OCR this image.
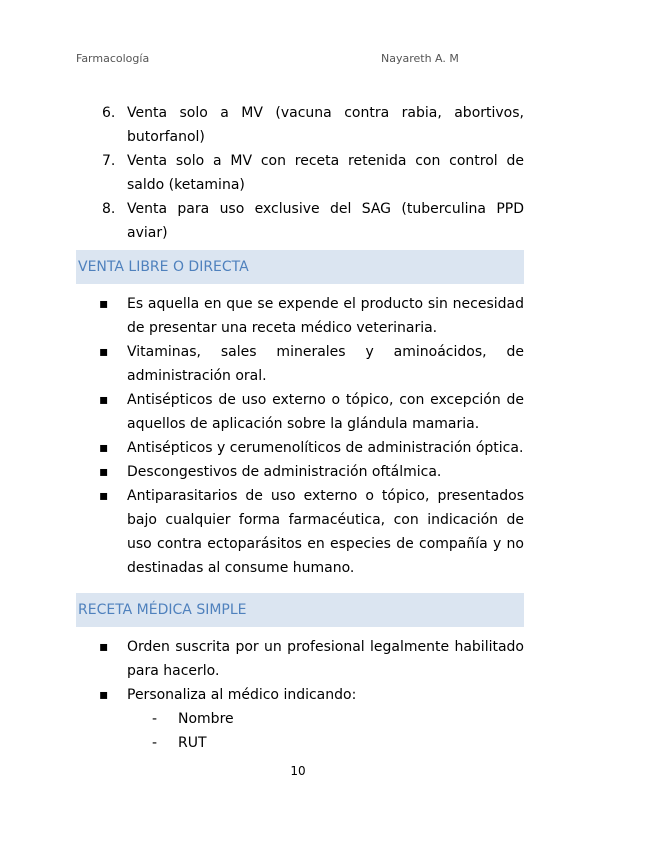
Farmacología	Nayareth A. M
6. Venta solo a MV (vacuna contra rabia, abortivos, butorfanol)
7. Venta solo a MV con receta retenida con control de saldo (ketamina)
8. Venta para uso exclusive del SAG (tuberculina PPD aviar)
VENTA LIBRE O DIRECTA
▪ Es aquella en que se expende el producto sin necesidad de presentar una receta médico veterinaria.
▪ Vitaminas, sales minerales y aminoácidos, de administración oral.
▪ Antisépticos de uso externo o tópico, con excepción de aquellos de aplicación sobre la glándula mamaria.
▪ Antisépticos y cerumenolíticos de administración óptica.
▪ Descongestivos de administración oftálmica.
▪ Antiparasitarios de uso externo o tópico, presentados bajo cualquier forma farmacéutica, con indicación de uso contra ectoparásitos en especies de compañía y no destinadas al consume humano.
RECETA MÉDICA SIMPLE
▪ Orden suscrita por un profesional legalmente habilitado para hacerlo.
▪ Personaliza al médico indicando:
- Nombre
- RUT
10
